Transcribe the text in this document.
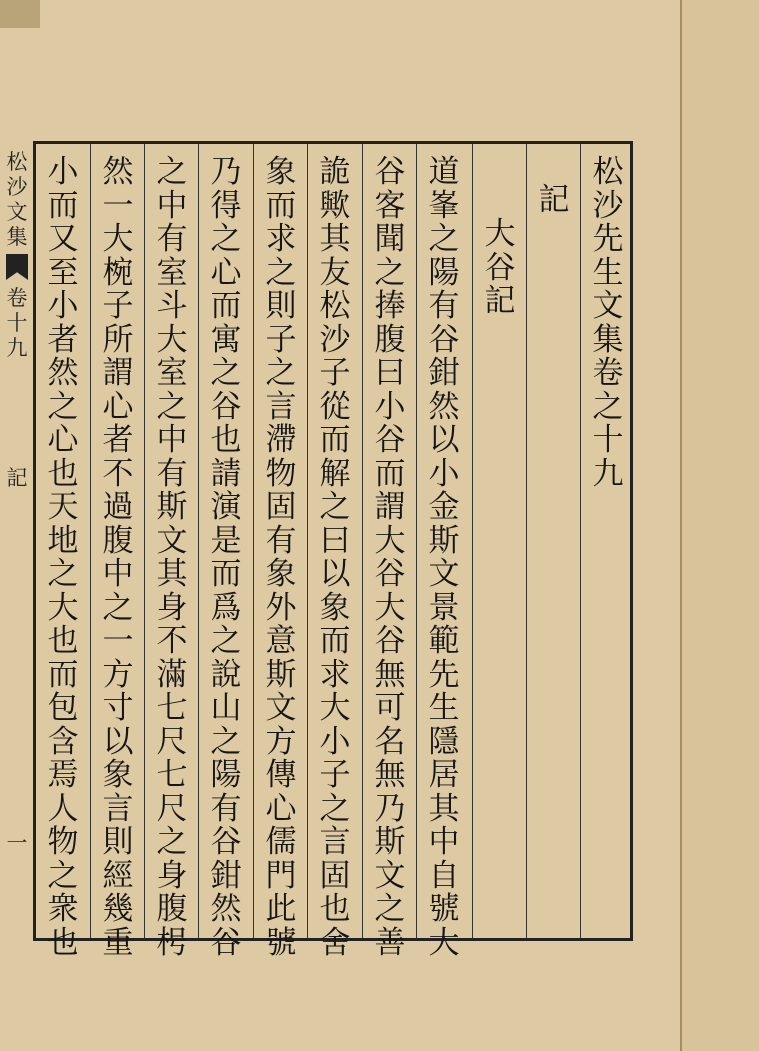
松
沙
文
集
卷
十
九
記
一
松
沙
先
生
文
集
卷
之
十
九
記
大
谷
記
道
峯
之
陽
有
谷
鉗
然
以
小
金
斯
文
景
範
先
生
隱
居
其
中
自
號
大
谷
客
聞
之
捧
腹
曰
小
谷
而
謂
大
谷
大
谷
無
可
名
無
乃
斯
文
之
善
詭
歟
其
友
松
沙
子
從
而
解
之
曰
以
象
而
求
大
小
子
之
言
固
也
舍
象
而
求
之
則
子
之
言
滯
物
固
有
象
外
意
斯
文
方
傳
心
儒
門
此
號
乃
得
之
心
而
寓
之
谷
也
請
演
是
而
爲
之
說
山
之
陽
有
谷
鉗
然
谷
之
中
有
室
斗
大
室
之
中
有
斯
文
其
身
不
滿
七
尺
七
尺
之
身
腹
枵
然
一
大
椀
子
所
謂
心
者
不
過
腹
中
之
一
方
寸
以
象
言
則
經
幾
重
小
而
又
至
小
者
然
之
心
也
天
地
之
大
也
而
包
含
焉
人
物
之
衆
也
